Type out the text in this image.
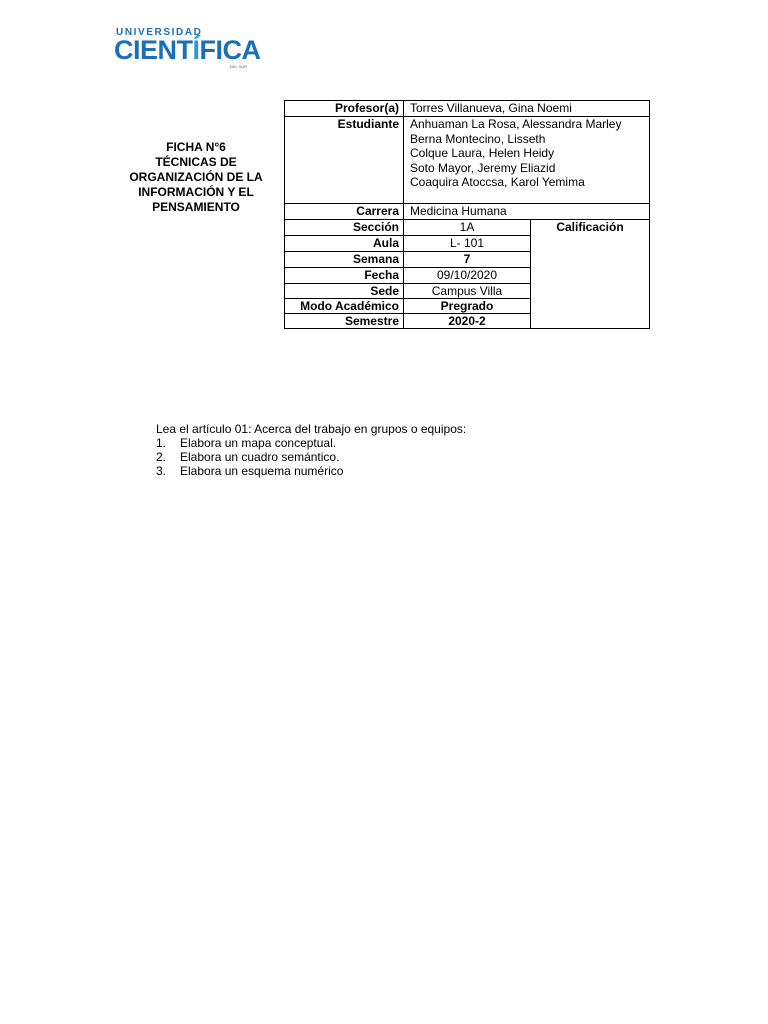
UNIVERSIDAD
CIENTÍFICA
DEL SUR
FICHA N°6
TÉCNICAS DE
ORGANIZACIÓN DE LA
INFORMACIÓN Y EL
PENSAMIENTO
Profesor(a)	Torres Villanueva, Gina Noemi	
Estudiante	Anhuaman La Rosa, Alessandra Marley
Berna Montecino, Lisseth
Colque Laura, Helen Heidy
Soto Mayor, Jeremy Eliazid
Coaquira Atoccsa, Karol Yemima	

Carrera	Medicina Humana	
Sección	1A	Calificación
Aula	L- 101	
Semana	7	
Fecha	09/10/2020	
Sede	Campus Villa	
Modo Académico	Pregrado	
Semestre	2020-2	
Lea el artículo 01: Acerca del trabajo en grupos o equipos:
1.	Elabora un mapa conceptual.
2.	Elabora un cuadro semántico.
3.	Elabora un esquema numérico
